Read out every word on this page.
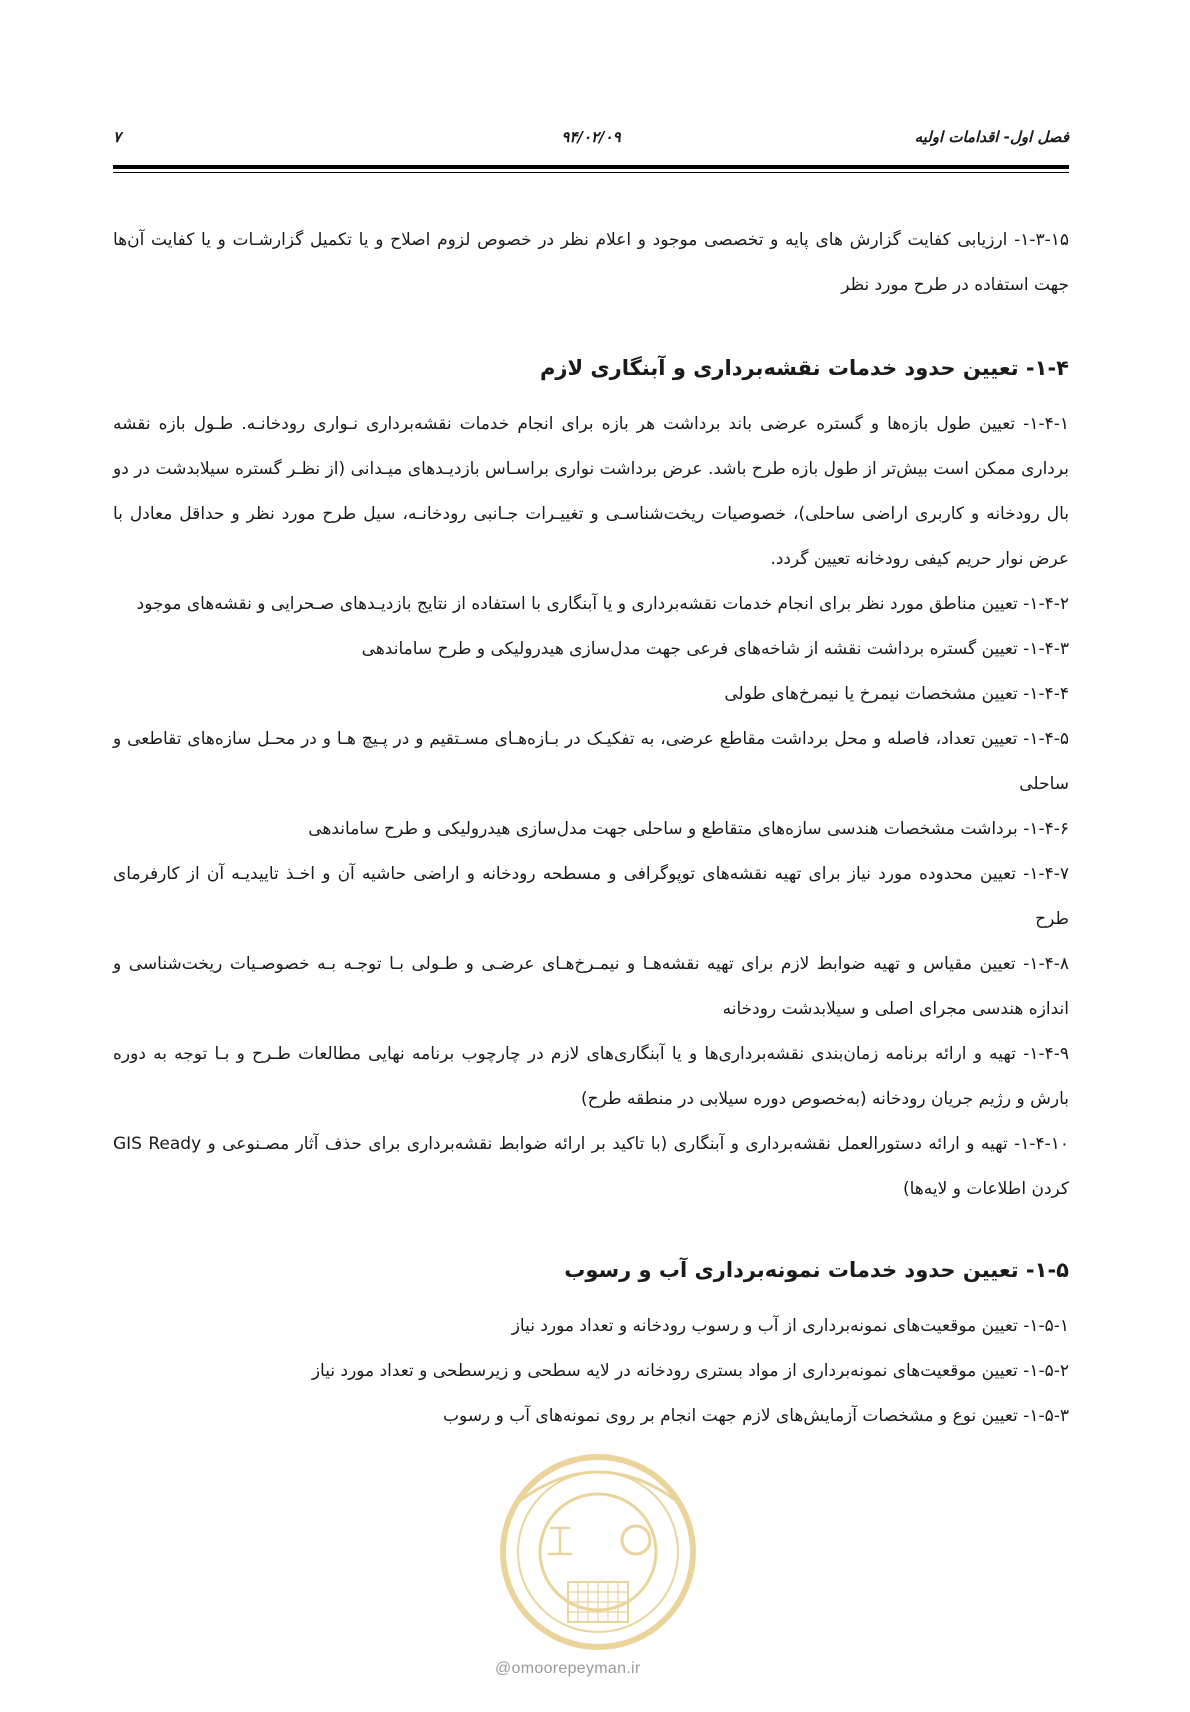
فصل اول- اقدامات اولیه
۹۴/۰۲/۰۹
۷

۱-۳-۱۵- ارزیابی کفایت گزارش های پایه و تخصصی موجود و اعلام نظر در خصوص لزوم اصلاح و یا تکمیل گزارشـات و یا کفایت آن‌ها جهت استفاده در طرح مورد نظر

۱-۴- تعیین حدود خدمات نقشه‌برداری و آبنگاری لازم

۱-۴-۱- تعیین طول بازه‌ها و گستره عرضی باند برداشت هر بازه برای انجام خدمات نقشه‌برداری نـواری رودخانـه. طـول بازه نقشه برداری ممکن است بیش‌تر از طول بازه طرح باشد. عرض برداشت نواری براسـاس بازدیـدهای میـدانی (از نظـر گستره سیلابدشت در دو بال رودخانه و کاربری اراضی ساحلی)، خصوصیات ریخت‌شناسـی و تغییـرات جـانبی رودخانـه، سیل طرح مورد نظر و حداقل معادل با عرض نوار حریم کیفی رودخانه تعیین گردد.

۱-۴-۲- تعیین مناطق مورد نظر برای انجام خدمات نقشه‌برداری و یا آبنگاری با استفاده از نتایج بازدیـدهای صـحرایی و نقشه‌های موجود

۱-۴-۳- تعیین گستره برداشت نقشه از شاخه‌های فرعی جهت مدل‌سازی هیدرولیکی و طرح ساماندهی

۱-۴-۴- تعیین مشخصات نیمرخ یا نیمرخ‌های طولی

۱-۴-۵- تعیین تعداد، فاصله و محل برداشت مقاطع عرضی، به تفکیـک در بـازه‌هـای مسـتقیم و در پـیچ هـا و در محـل سازه‌های تقاطعی و ساحلی

۱-۴-۶- برداشت مشخصات هندسی سازه‌های متقاطع و ساحلی جهت مدل‌سازی هیدرولیکی و طرح ساماندهی

۱-۴-۷- تعیین محدوده مورد نیاز برای تهیه نقشه‌های توپوگرافی و مسطحه رودخانه و اراضی حاشیه آن و اخـذ تاییدیـه آن از کارفرمای طرح

۱-۴-۸- تعیین مقیاس و تهیه ضوابط لازم برای تهیه نقشه‌هـا و نیمـرخ‌هـای عرضـی و طـولی بـا توجـه بـه خصوصـیات ریخت‌شناسی و اندازه هندسی مجرای اصلی و سیلابدشت رودخانه

۱-۴-۹- تهیه و ارائه برنامه زمان‌بندی نقشه‌برداری‌ها و یا آبنگاری‌های لازم در چارچوب برنامه نهایی مطالعات طـرح و بـا توجه به دوره بارش و رژیم جریان رودخانه (به‌خصوص دوره سیلابی در منطقه طرح)

۱-۴-۱۰- تهیه و ارائه دستورالعمل نقشه‌برداری و آبنگاری (با تاکید بر ارائه ضوابط نقشه‌برداری برای حذف آثار مصـنوعی و GIS Ready کردن اطلاعات و لایه‌ها)

۱-۵- تعیین حدود خدمات نمونه‌برداری آب و رسوب

۱-۵-۱- تعیین موقعیت‌های نمونه‌برداری از آب و رسوب رودخانه و تعداد مورد نیاز

۱-۵-۲- تعیین موقعیت‌های نمونه‌برداری از مواد بستری رودخانه در لایه سطحی و زیرسطحی و تعداد مورد نیاز

۱-۵-۳- تعیین نوع و مشخصات آزمایش‌های لازم جهت انجام بر روی نمونه‌های آب و رسوب

@omoorepeyman.ir
